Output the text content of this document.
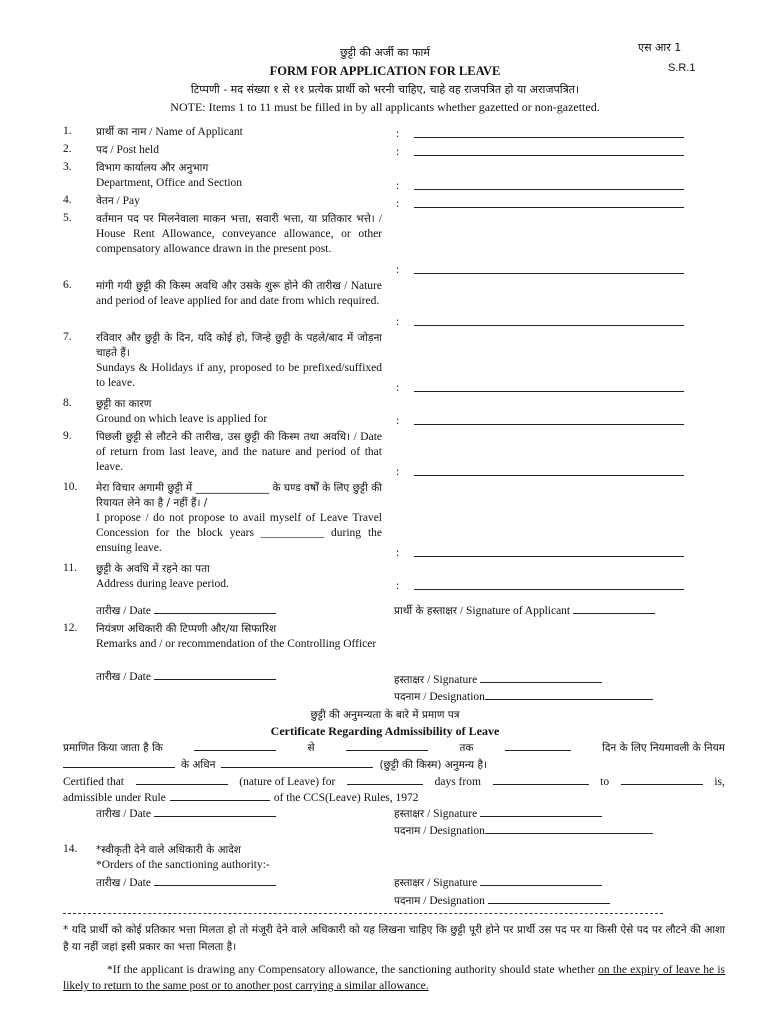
एस आर 1
S.R.1
छुट्टी की अर्जी का फार्म
FORM FOR APPLICATION FOR LEAVE
टिप्पणी - मद संख्या १ से ११ प्रत्येक प्रार्थी को भरनी चाहिए, चाहे वह राजपत्रित हो या अराजपत्रित।
NOTE: Items 1 to 11 must be filled in by all applicants whether gazetted or non-gazetted.
1. प्रार्थी का नाम / Name of Applicant	:
2. पद / Post held	:
3. विभाग कार्यालय और अनुभाग
Department, Office and Section	:
4. वेतन / Pay	:
5. वर्तमान पद पर मिलनेवाला माकन भत्ता, सवारी भत्ता, या प्रतिकार भत्ते। / House Rent Allowance, conveyance allowance, or other compensatory allowance drawn in the present post.
:
6. मांगी गयी छुट्टी की किस्म अवधि और उसके शुरू होने की तारीख / Nature and period of leave applied for and date from which required.
:
7. रविवार और छुट्टी के दिन, यदि कोई हो, जिन्हे छुट्टी के पहले/बाद में जोड़ना चाहते हैं।
Sundays & Holidays if any, proposed to be prefixed/suffixed to leave.	:
8. छुट्टी का कारण
Ground on which leave is applied for	:
9. पिछली छुट्टी से लौटने की तारीख, उस छुट्टी की किस्म तथा अवधि। / Date of return from last leave, and the nature and period of that leave.	:
10. मेरा विचार अगामी छुट्टी में ______________ के घण्ड वर्षों के लिए छुट्टी की रियायत लेने का है / नहीं हैं। /
I propose / do not propose to avail myself of Leave Travel Concession for the block years ___________ during the ensuing leave.	:
11. छुट्टी के अवधि में रहने का पता
Address during leave period.	:
तारीख / Date	प्रार्थी के हस्ताक्षर / Signature of Applicant
12. नियंत्रण अधिकारी की टिप्पणी और/या सिफारिश
Remarks and / or recommendation of the Controlling Officer
तारीख / Date	हस्ताक्षर / Signature
पदनाम / Designation
छुट्टी की अनुमन्यता के बारे में प्रमाण पत्र
Certificate Regarding Admissibility of Leave
प्रमाणित किया जाता है कि	से	तक	दिन के लिए नियमावली के नियम
के अधिन	(छुट्टी की किस्म) अनुमन्य है।
Certified that	(nature of Leave) for	days from	to	is,
admissible under Rule	of the CCS(Leave) Rules, 1972
तारीख / Date	हस्ताक्षर / Signature
पदनाम / Designation
14. *स्वीकृती देने वाले अधिकारी के आदेश
*Orders of the sanctioning authority:-
तारीख / Date	हस्ताक्षर / Signature
पदनाम / Designation
* यदि प्रार्थी को कोई प्रतिकार भत्ता मिलता हो तो मंजूरी देने वाले अधिकारी को यह लिखना चाहिए कि छुट्टी पूरी होने पर प्रार्थी उस पद पर या किसी ऐसे पद पर लौटने की आशा है या नहीं जहां इसी प्रकार का भत्ता मिलता है।
*If the applicant is drawing any Compensatory allowance, the sanctioning authority should state whether on the expiry of leave he is likely to return to the same post or to another post carrying a similar allowance.
